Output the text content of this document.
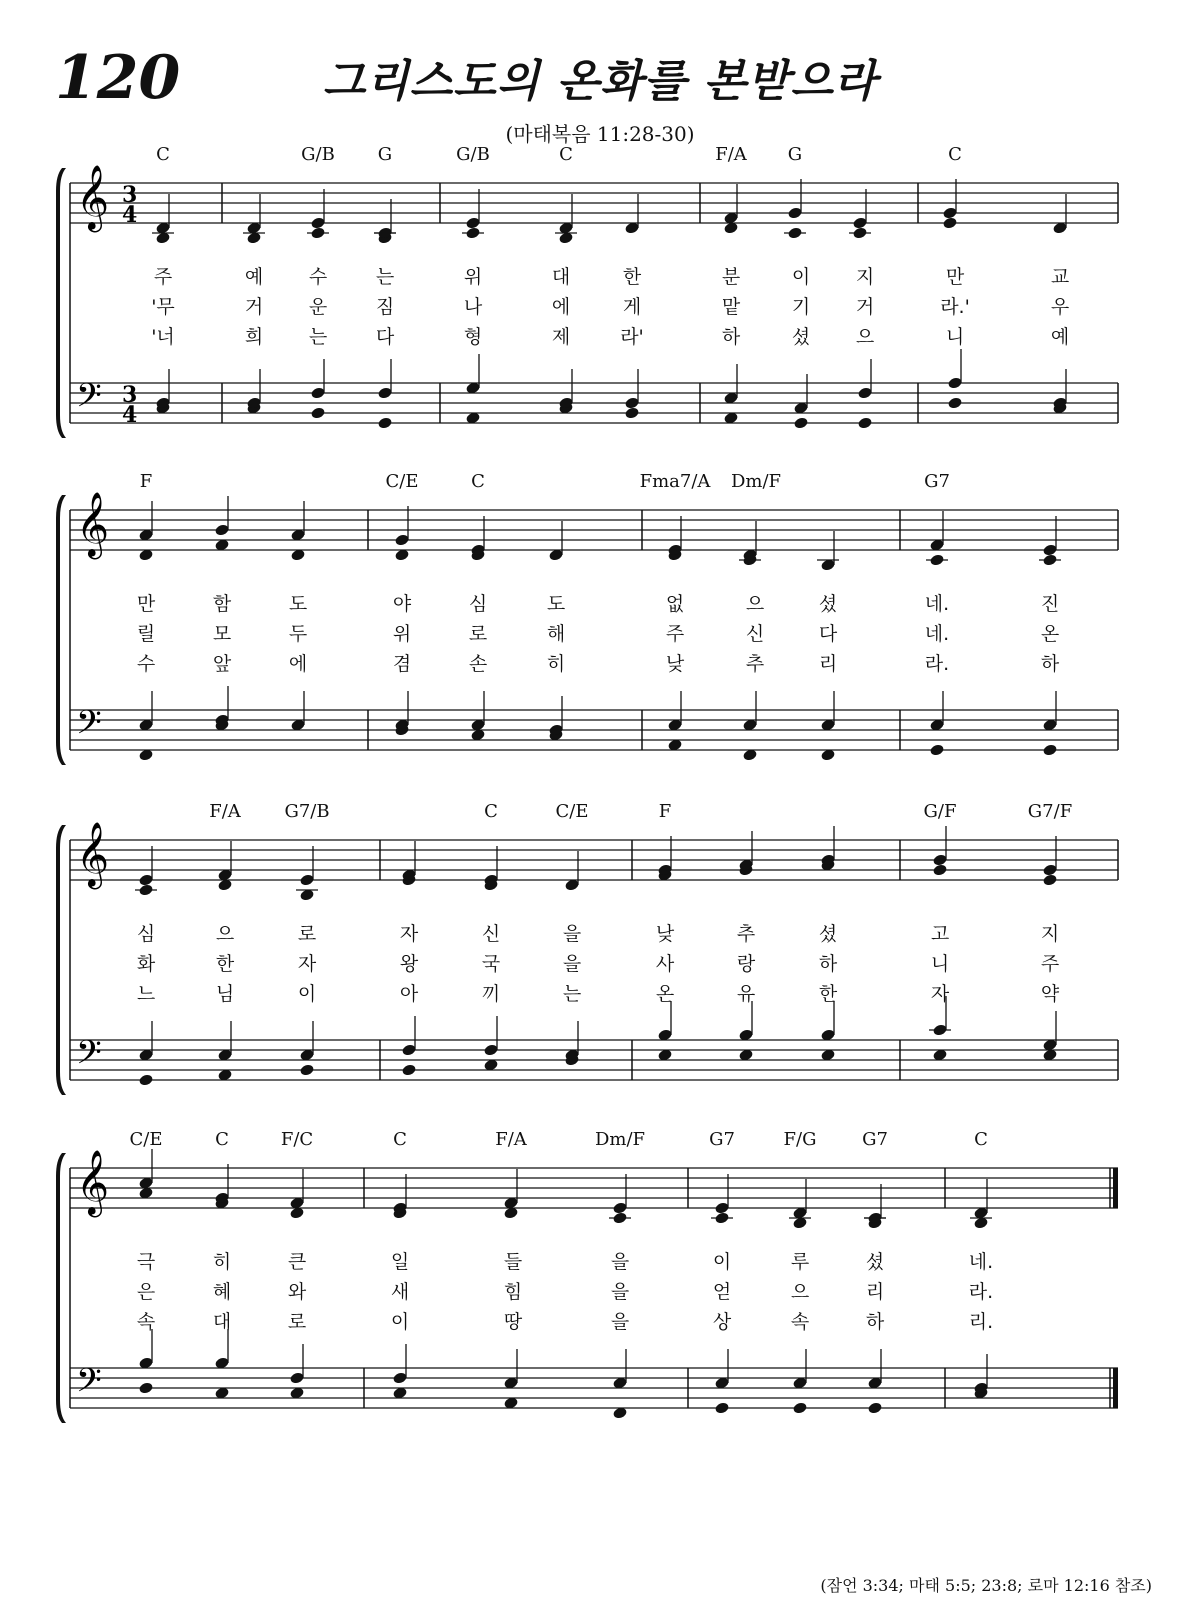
120	그리스도의 온화를 본받으라
(마태복음 11:28-30)
𝄞
𝄢
3
4
3
4
C	G/B G	G/B	C	F/A G	C
주	예 수	는	위	대	한	분	이 지	만	교
'무	거 운	짐	나	에	게	맡	기 거	라.'	우
'너	희 는	다	형	제	라'	하	셨 으	니	예
𝄞
𝄢
F	C/E	C	Fma7/A Dm/F	G7
만	함	도	야	심	도	없	으	셨	네.	진
릴	모	두	위	로	해	주	신	다	네.	온
수	앞	에	겸	손	히	낮	추	리	라.	하
𝄞
𝄢
F/A G7/B	C	C/E	F	G/F	G7/F
심	으	로	자	신	을	낮	추	셨	고	지
화	한	자	왕	국	을	사	랑	하	니	주
느	님	이	아	끼	는	온	유	한	자	약
𝄞
𝄢
C/E	C	F/C	C	F/A	Dm/F	G7	F/G	G7	C
극	히	큰	일	들	을	이	루	셨	네.
은	혜	와	새	힘	을	얻	으	리	라.
속	대	로	이	땅	을	상	속	하	리.
(잠언 3:34; 마태 5:5; 23:8; 로마 12:16 참조)
